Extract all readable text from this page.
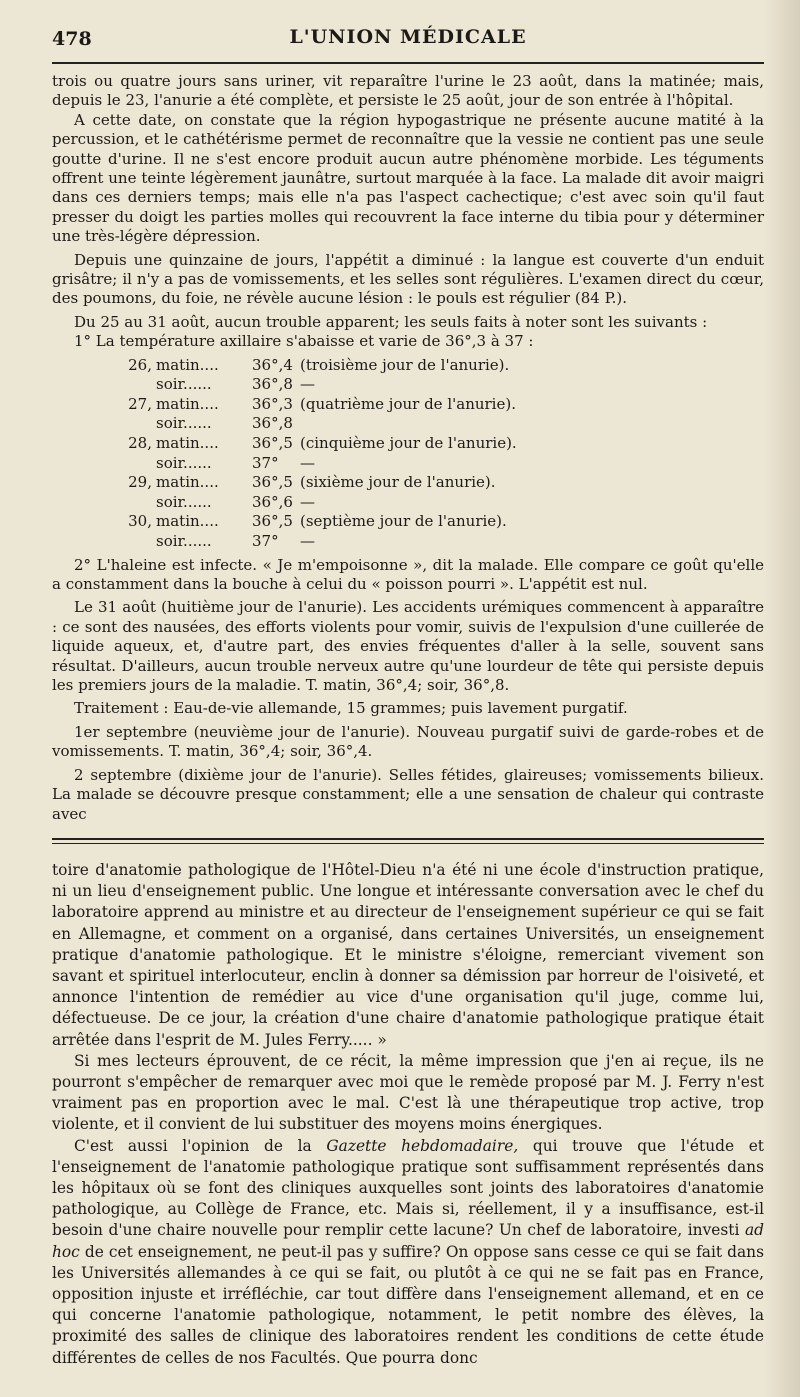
478	L'UNION MÉDICALE

trois ou quatre jours sans uriner, vit reparaître l'urine le 23 août, dans la matinée; mais, depuis le 23, l'anurie a été complète, et persiste le 25 août, jour de son entrée à l'hôpital.

A cette date, on constate que la région hypogastrique ne présente aucune matité à la percussion, et le cathétérisme permet de reconnaître que la vessie ne contient pas une seule goutte d'urine. Il ne s'est encore produit aucun autre phénomène morbide. Les téguments offrent une teinte légèrement jaunâtre, surtout marquée à la face. La malade dit avoir maigri dans ces derniers temps; mais elle n'a pas l'aspect cachectique; c'est avec soin qu'il faut presser du doigt les parties molles qui recouvrent la face interne du tibia pour y déterminer une très-légère dépression.

Depuis une quinzaine de jours, l'appétit a diminué : la langue est couverte d'un enduit grisâtre; il n'y a pas de vomissements, et les selles sont régulières. L'examen direct du cœur, des poumons, du foie, ne révèle aucune lésion : le pouls est régulier (84 P.).

Du 25 au 31 août, aucun trouble apparent; les seuls faits à noter sont les suivants :

1° La température axillaire s'abaisse et varie de 36°,3 à 37 :

26, matin....	36°,4 (troisième jour de l'anurie).
soir......	36°,8 —
27, matin....	36°,3 (quatrième jour de l'anurie).
soir......	36°,8
28, matin....	36°,5 (cinquième jour de l'anurie).
soir......	37°	—
29, matin....	36°,5 (sixième jour de l'anurie).
soir......	36°,6 —
30, matin....	36°,5 (septième jour de l'anurie).
soir......	37°	—

2° L'haleine est infecte. « Je m'empoisonne », dit la malade. Elle compare ce goût qu'elle a constamment dans la bouche à celui du « poisson pourri ». L'appétit est nul.

Le 31 août (huitième jour de l'anurie). Les accidents urémiques commencent à apparaître : ce sont des nausées, des efforts violents pour vomir, suivis de l'expulsion d'une cuillerée de liquide aqueux, et, d'autre part, des envies fréquentes d'aller à la selle, souvent sans résultat. D'ailleurs, aucun trouble nerveux autre qu'une lourdeur de tête qui persiste depuis les premiers jours de la maladie. T. matin, 36°,4; soir, 36°,8.

Traitement : Eau-de-vie allemande, 15 grammes; puis lavement purgatif.

1er septembre (neuvième jour de l'anurie). Nouveau purgatif suivi de garde-robes et de vomissements. T. matin, 36°,4; soir, 36°,4.

2 septembre (dixième jour de l'anurie). Selles fétides, glaireuses; vomissements bilieux. La malade se découvre presque constamment; elle a une sensation de chaleur qui contraste avec

toire d'anatomie pathologique de l'Hôtel-Dieu n'a été ni une école d'instruction pratique, ni un lieu d'enseignement public. Une longue et intéressante conversation avec le chef du laboratoire apprend au ministre et au directeur de l'enseignement supérieur ce qui se fait en Allemagne, et comment on a organisé, dans certaines Universités, un enseignement pratique d'anatomie pathologique. Et le ministre s'éloigne, remerciant vivement son savant et spirituel interlocuteur, enclin à donner sa démission par horreur de l'oisiveté, et annonce l'intention de remédier au vice d'une organisation qu'il juge, comme lui, défectueuse. De ce jour, la création d'une chaire d'anatomie pathologique pratique était arrêtée dans l'esprit de M. Jules Ferry..... »

Si mes lecteurs éprouvent, de ce récit, la même impression que j'en ai reçue, ils ne pourront s'empêcher de remarquer avec moi que le remède proposé par M. J. Ferry n'est vraiment pas en proportion avec le mal. C'est là une thérapeutique trop active, trop violente, et il convient de lui substituer des moyens moins énergiques.

C'est aussi l'opinion de la Gazette hebdomadaire, qui trouve que l'étude et l'enseignement de l'anatomie pathologique pratique sont suffisamment représentés dans les hôpitaux où se font des cliniques auxquelles sont joints des laboratoires d'anatomie pathologique, au Collège de France, etc. Mais si, réellement, il y a insuffisance, est-il besoin d'une chaire nouvelle pour remplir cette lacune? Un chef de laboratoire, investi ad hoc de cet enseignement, ne peut-il pas y suffire? On oppose sans cesse ce qui se fait dans les Universités allemandes à ce qui se fait, ou plutôt à ce qui ne se fait pas en France, opposition injuste et irréfléchie, car tout diffère dans l'enseignement allemand, et en ce qui concerne l'anatomie pathologique, notamment, le petit nombre des élèves, la proximité des salles de clinique des laboratoires rendent les conditions de cette étude différentes de celles de nos Facultés. Que pourra donc
